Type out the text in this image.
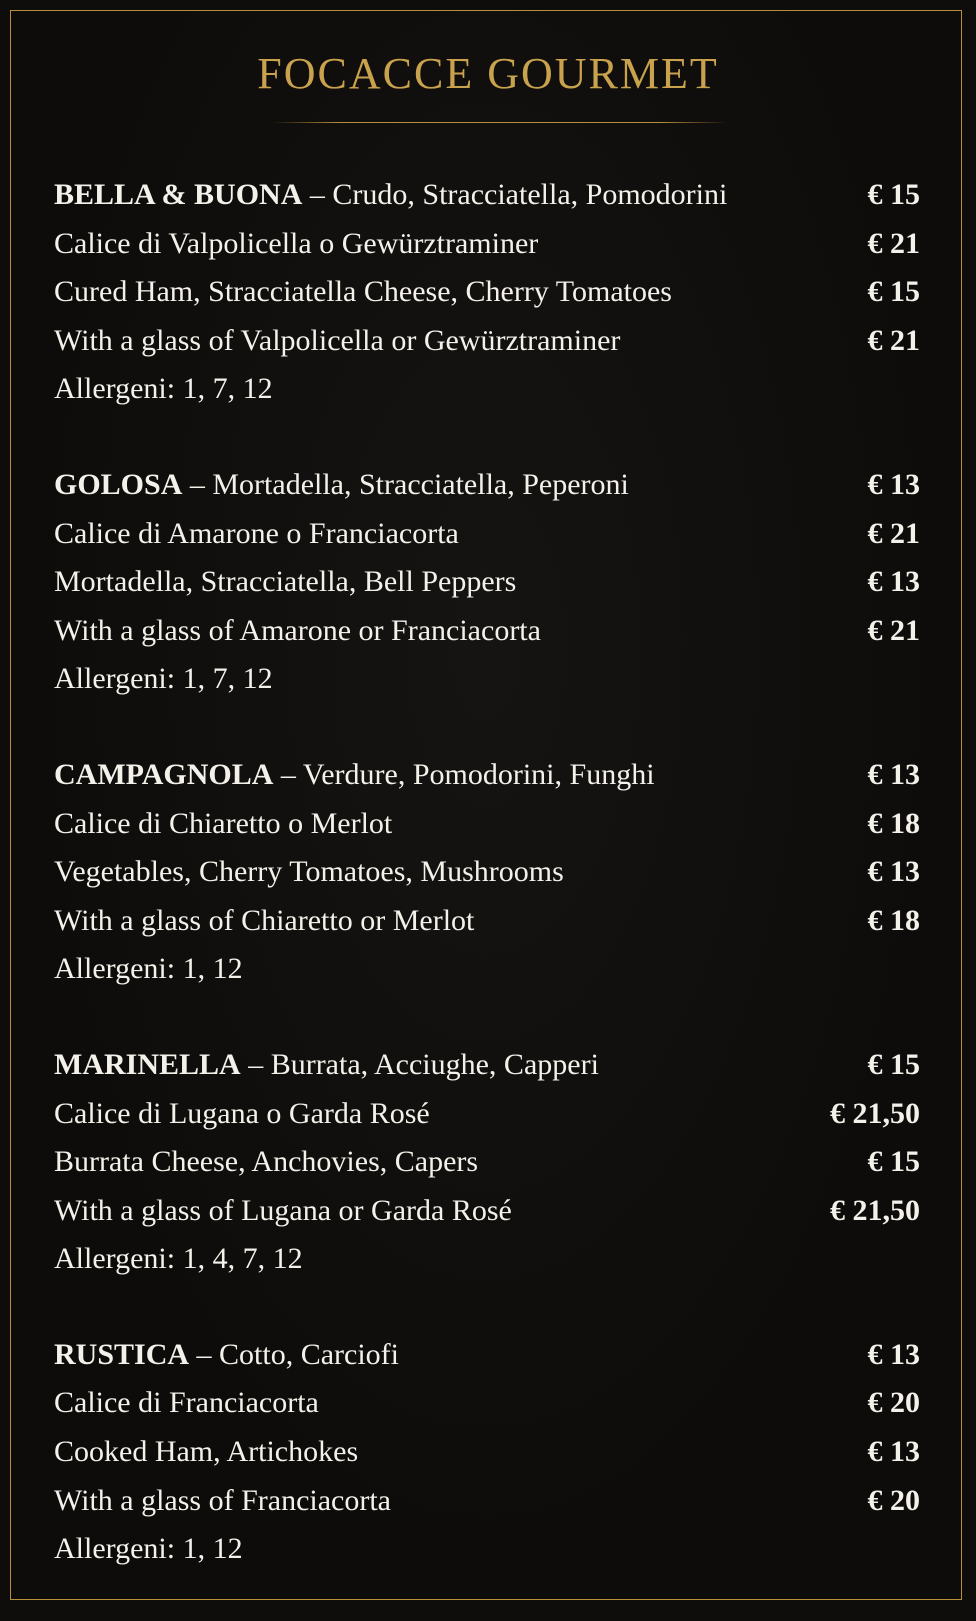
FOCACCE GOURMET
BELLA & BUONA – Crudo, Stracciatella, Pomodorini	€ 15
Calice di Valpolicella o Gewürztraminer	€ 21
Cured Ham, Stracciatella Cheese, Cherry Tomatoes	€ 15
With a glass of Valpolicella or Gewürztraminer	€ 21
Allergeni: 1, 7, 12
GOLOSA – Mortadella, Stracciatella, Peperoni	€ 13
Calice di Amarone o Franciacorta	€ 21
Mortadella, Stracciatella, Bell Peppers	€ 13
With a glass of Amarone or Franciacorta	€ 21
Allergeni: 1, 7, 12
CAMPAGNOLA – Verdure, Pomodorini, Funghi	€ 13
Calice di Chiaretto o Merlot	€ 18
Vegetables, Cherry Tomatoes, Mushrooms	€ 13
With a glass of Chiaretto or Merlot	€ 18
Allergeni: 1, 12
MARINELLA – Burrata, Acciughe, Capperi	€ 15
Calice di Lugana o Garda Rosé	€ 21,50
Burrata Cheese, Anchovies, Capers	€ 15
With a glass of Lugana or Garda Rosé	€ 21,50
Allergeni: 1, 4, 7, 12
RUSTICA – Cotto, Carciofi	€ 13
Calice di Franciacorta	€ 20
Cooked Ham, Artichokes	€ 13
With a glass of Franciacorta	€ 20
Allergeni: 1, 12
